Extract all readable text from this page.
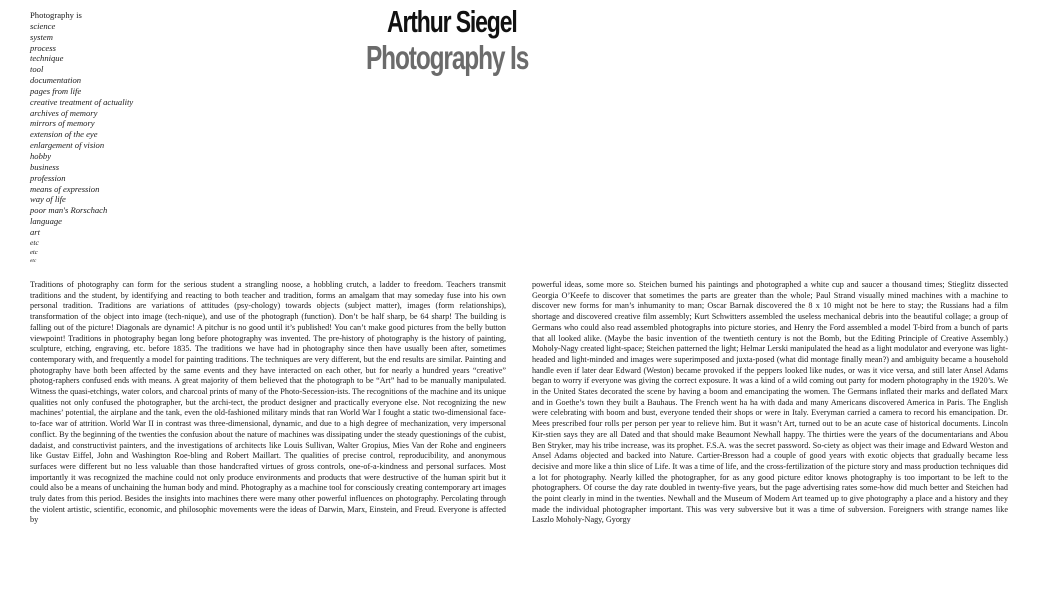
Photography is
science
system
process
technique
tool
documentation
pages from life
creative treatment of actuality
archives of memory
mirrors of memory
extension of the eye
enlargement of vision
hobby
business
profession
means of expression
way of life
poor man's Rorschach
language
art
etc
etc
etc
Arthur Siegel
Photography Is

Traditions of photography can form for the serious student a strangling noose, a hobbling crutch, a ladder to freedom. Teachers transmit traditions and the student, by identifying and reacting to both teacher and tradition, forms an amalgam that may someday fuse into his own personal tradition. Traditions are variations of attitudes (psy-chology) towards objects (subject matter), images (form relationships), transformation of the object into image (tech-nique), and use of the photograph (function). Don’t be half sharp, be 64 sharp! The building is falling out of the picture! Diagonals are dynamic! A pitchur is no good until it’s published! You can’t make good pictures from the belly button viewpoint! Traditions in photography began long before photography was invented. The pre-history of photography is the history of painting, sculpture, etching, engraving, etc. before 1835. The traditions we have had in photography since then have usually been after, sometimes contemporary with, and frequently a model for painting traditions. The techniques are very different, but the end results are similar. Painting and photography have both been affected by the same events and they have interacted on each other, but for nearly a hundred years “creative” photog-raphers confused ends with means. A great majority of them believed that the photograph to be “Art” had to be manually manipulated. Witness the quasi-etchings, water colors, and charcoal prints of many of the Photo-Secession-ists. The recognitions of the machine and its unique qualities not only confused the photographer, but the archi-tect, the product designer and practically everyone else. Not recognizing the new machines’ potential, the airplane and the tank, even the old-fashioned military minds that ran World War I fought a static two-dimensional face-to-face war of attrition. World War II in contrast was three-dimensional, dynamic, and due to a high degree of mechanization, very impersonal conflict. By the beginning of the twenties the confusion about the nature of machines was dissipating under the steady questionings of the cubist, dadaist, and constructivist painters, and the investigations of architects like Louis Sullivan, Walter Gropius, Mies Van der Rohe and engineers like Gustav Eiffel, John and Washington Roe-bling and Robert Maillart. The qualities of precise control, reproducibility, and anonymous surfaces were different but no less valuable than those handcrafted virtues of gross controls, one-of-a-kindness and personal surfaces. Most importantly it was recognized the machine could not only produce environments and products that were destructive of the human spirit but it could also be a means of unchaining the human body and mind. Photography as a machine tool for consciously creating contemporary art images truly dates from this period. Besides the insights into machines there were many other powerful influences on photography. Percolating through the violent artistic, scientific, economic, and philosophic movements were the ideas of Darwin, Marx, Einstein, and Freud. Everyone is affected by

powerful ideas, some more so. Steichen burned his paintings and photographed a white cup and saucer a thousand times; Stieglitz dissected Georgia O’Keefe to discover that sometimes the parts are greater than the whole; Paul Strand visually mined machines with a machine to discover new forms for man’s inhumanity to man; Oscar Barnak discovered the 8 x 10 might not be here to stay; the Russians had a film shortage and discovered creative film assembly; Kurt Schwitters assembled the useless mechanical debris into the beautiful collage; a group of Germans who could also read assembled photographs into picture stories, and Henry the Ford assembled a model T-bird from a bunch of parts that all looked alike. (Maybe the basic invention of the twentieth century is not the Bomb, but the Editing Principle of Creative Assembly.) Moholy-Nagy created light-space; Steichen patterned the light; Helmar Lerski manipulated the head as a light modulator and everyone was light-headed and light-minded and images were superimposed and juxta-posed (what did montage finally mean?) and ambiguity became a household handle even if later dear Edward (Weston) became provoked if the peppers looked like nudes, or was it vice versa, and still later Ansel Adams began to worry if everyone was giving the correct exposure. It was a kind of a wild coming out party for modern photography in the 1920’s. We in the United States decorated the scene by having a boom and emancipating the women. The Germans inflated their marks and deflated Marx and in Goethe’s town they built a Bauhaus. The French went ha ha with dada and many Americans discovered America in Paris. The English were celebrating with boom and bust, everyone tended their shops or were in Italy. Everyman carried a camera to record his emancipation. Dr. Mees prescribed four rolls per person per year to relieve him. But it wasn’t Art, turned out to be an acute case of historical documents. Lincoln Kir-stien says they are all Dated and that should make Beaumont Newhall happy. The thirties were the years of the documentarians and Abou Ben Stryker, may his tribe increase, was its prophet. F.S.A. was the secret password. So-ciety as object was their image and Edward Weston and Ansel Adams objected and backed into Nature. Cartier-Bresson had a couple of good years with exotic objects that gradually became less decisive and more like a thin slice of Life. It was a time of life, and the cross-fertilization of the picture story and mass production techniques did a lot for photography. Nearly killed the photographer, for as any good picture editor knows photography is too important to be left to the photographers. Of course the day rate doubled in twenty-five years, but the page advertising rates some-how did much better and Steichen had the point clearly in mind in the twenties. Newhall and the Museum of Modern Art teamed up to give photography a place and a history and they made the individual photographer important. This was very subversive but it was a time of subversion. Foreigners with strange names like Laszlo Moholy-Nagy, Gyorgy
